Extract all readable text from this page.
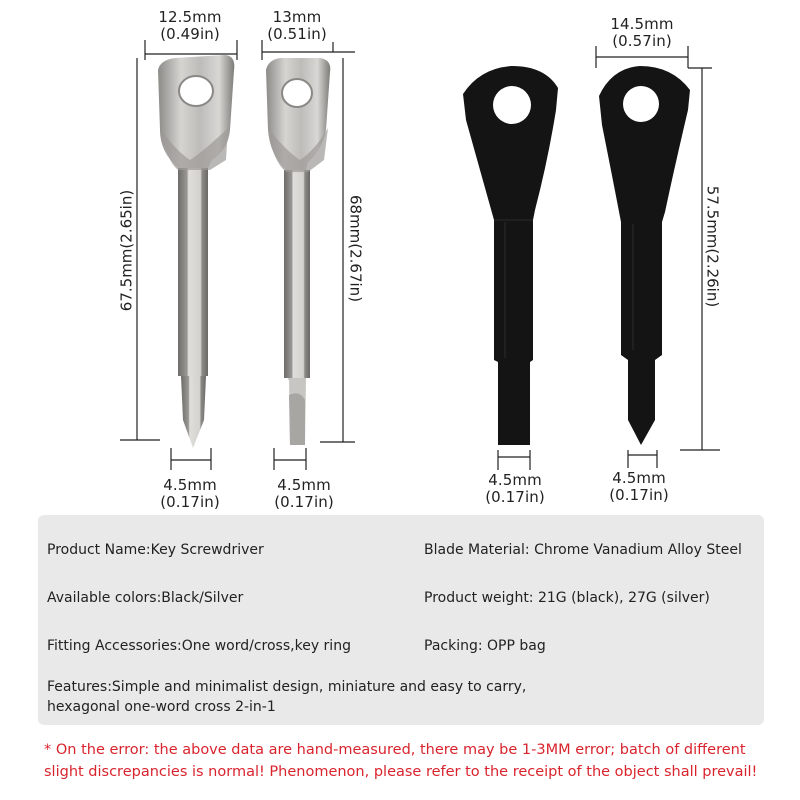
12.5mm
(0.49in)
13mm
(0.51in)
14.5mm
(0.57in)
67.5mm(2.65in)	68mm(2.67in)	57.5mm(2.26in)
4.5mm
(0.17in)
4.5mm
(0.17in)
4.5mm
(0.17in)
4.5mm
(0.17in)
Product Name:Key Screwdriver	Blade Material: Chrome Vanadium Alloy Steel
Available colors:Black/Silver	Product weight: 21G (black), 27G (silver)
Fitting Accessories:One word/cross,key ring	Packing: OPP bag
Features:Simple and minimalist design, miniature and easy to carry,
hexagonal one-word cross 2-in-1
* On the error: the above data are hand-measured, there may be 1-3MM error; batch of different
slight discrepancies is normal! Phenomenon, please refer to the receipt of the object shall prevail!
